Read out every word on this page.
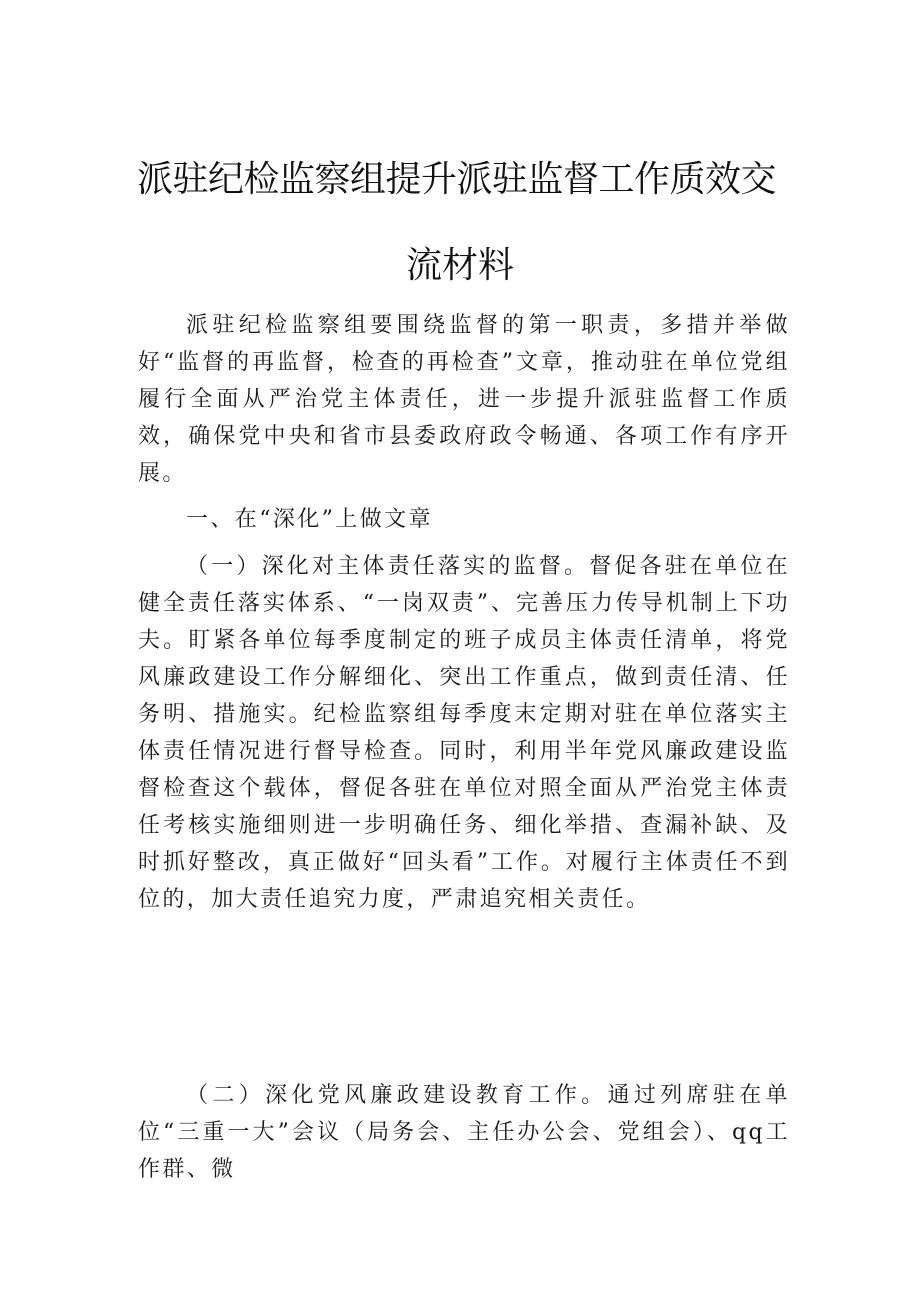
派驻纪检监察组提升派驻监督工作质效交
流材料
派驻纪检监察组要围绕监督的第一职责，多措并举做好“监督的再监督，检查的再检查”文章，推动驻在单位党组履行全面从严治党主体责任，进一步提升派驻监督工作质效，确保党中央和省市县委政府政令畅通、各项工作有序开展。
一、在“深化”上做文章
（一）深化对主体责任落实的监督。督促各驻在单位在健全责任落实体系、“一岗双责”、完善压力传导机制上下功夫。盯紧各单位每季度制定的班子成员主体责任清单，将党风廉政建设工作分解细化、突出工作重点，做到责任清、任务明、措施实。纪检监察组每季度末定期对驻在单位落实主体责任情况进行督导检查。同时，利用半年党风廉政建设监督检查这个载体，督促各驻在单位对照全面从严治党主体责任考核实施细则进一步明确任务、细化举措、查漏补缺、及时抓好整改，真正做好“回头看”工作。对履行主体责任不到位的，加大责任追究力度，严肃追究相关责任。
（二）深化党风廉政建设教育工作。通过列席驻在单位“三重一大”会议（局务会、主任办公会、党组会）、qq工作群、微
